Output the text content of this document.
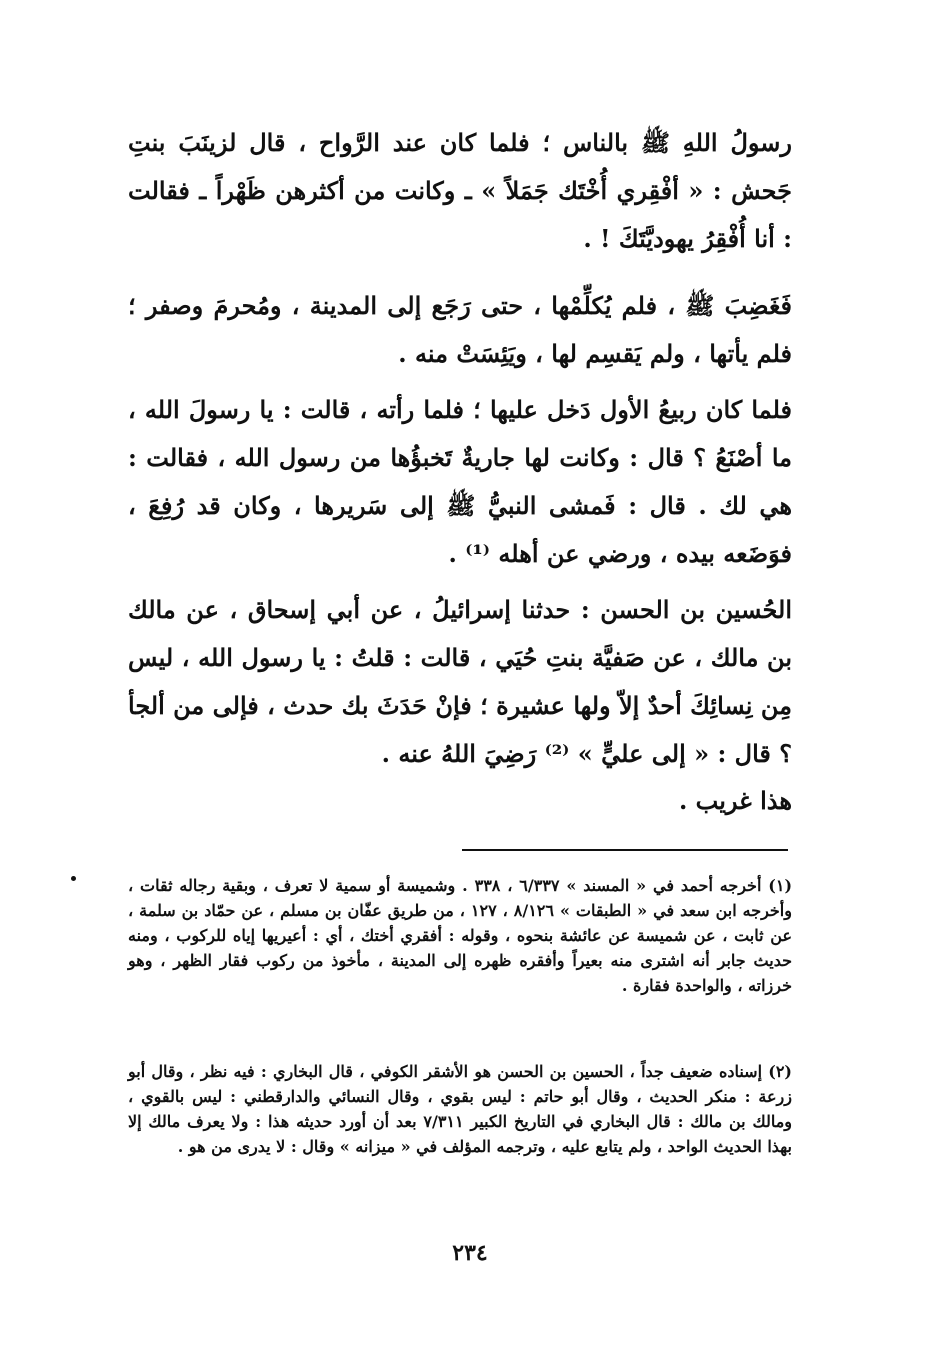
رسولُ اللهِ ﷺ بالناس ؛ فلما كان عند الرَّواح ، قال لزينَبَ بنتِ جَحش : « أفْقِري أُخْتَك جَمَلاً » ـ وكانت من أكثرهن ظَهْراً ـ فقالت : أنا أُفْقِرُ يهوديَّتَكَ ! .

فَغَضِبَ ﷺ ، فلم يُكلِّمْها ، حتى رَجَع إلى المدينة ، ومُحرمَ وصفر ؛ فلم يأتها ، ولم يَقسِم لها ، ويَئِسَتْ منه .

فلما كان ربيعُ الأول دَخل عليها ؛ فلما رأته ، قالت : يا رسولَ الله ، ما أصْنَعُ ؟ قال : وكانت لها جاريةٌ تَخبؤُها من رسول الله ، فقالت : هي لك . قال : فَمشى النبيُّ ﷺ إلى سَريرها ، وكان قد رُفِعَ ، فوَضَعه بيده ، ورضي عن أهله ⁽¹⁾ .

الحُسين بن الحسن : حدثنا إسرائيلُ ، عن أبي إسحاق ، عن مالك بن مالك ، عن صَفيَّة بنتِ حُيَي ، قالت : قلتُ : يا رسول الله ، ليس مِن نِسائِكَ أحدٌ إلاّ ولها عشيرة ؛ فإنْ حَدَثَ بك حدث ، فإلى من ألجأ ؟ قال : « إلى عليٍّ » ⁽²⁾ رَضِيَ اللهُ عنه .

هذا غريب .

(١) أخرجه أحمد في « المسند » ٦/٣٣٧ ، ٣٣٨ . وشميسة أو سمية لا تعرف ، وبقية رجاله ثقات ، وأخرجه ابن سعد في « الطبقات » ٨/١٢٦ ، ١٢٧ ، من طريق عفّان بن مسلم ، عن حمّاد بن سلمة ، عن ثابت ، عن شميسة عن عائشة بنحوه ، وقوله : أفقري أختك ، أي : أعيريها إياه للركوب ، ومنه حديث جابر أنه اشترى منه بعيراً وأفقره ظهره إلى المدينة ، مأخوذ من ركوب فقار الظهر ، وهو خرزاته ، والواحدة فقارة .

(٢) إسناده ضعيف جداً ، الحسين بن الحسن هو الأشقر الكوفي ، قال البخاري : فيه نظر ، وقال أبو زرعة : منكر الحديث ، وقال أبو حاتم : ليس بقوي ، وقال النسائي والدارقطني : ليس بالقوي ، ومالك بن مالك : قال البخاري في التاريخ الكبير ٧/٣١١ بعد أن أورد حديثه هذا : ولا يعرف مالك إلا بهذا الحديث الواحد ، ولم يتابع عليه ، وترجمه المؤلف في « ميزانه » وقال : لا يدرى من هو .

٢٣٤
